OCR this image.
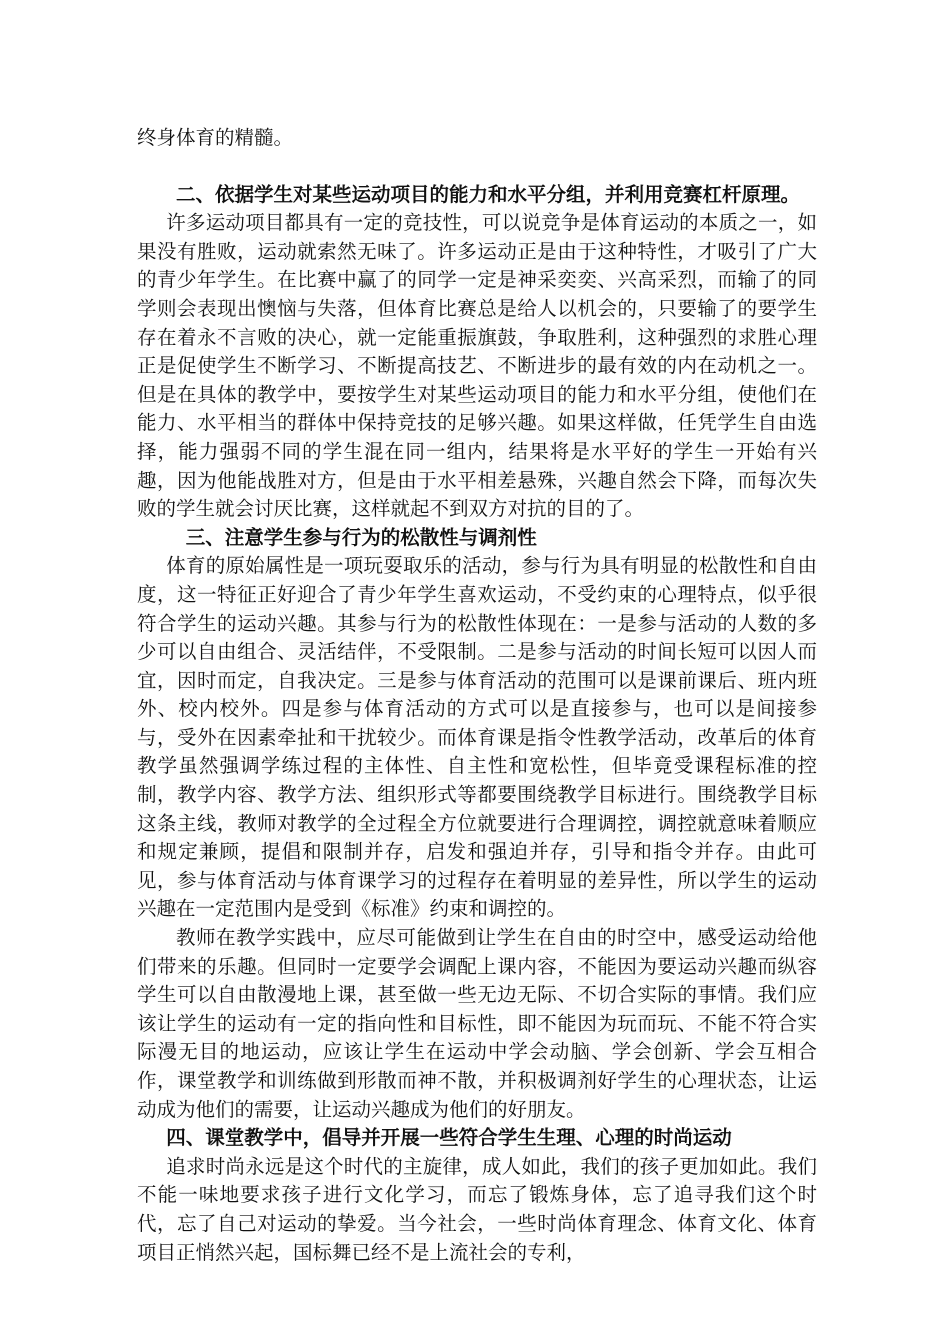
终身体育的精髓。

二、依据学生对某些运动项目的能力和水平分组，并利用竞赛杠杆原理。

许多运动项目都具有一定的竞技性，可以说竞争是体育运动的本质之一，如果没有胜败，运动就索然无味了。许多运动正是由于这种特性，才吸引了广大的青少年学生。在比赛中赢了的同学一定是神采奕奕、兴高采烈，而输了的同学则会表现出懊恼与失落，但体育比赛总是给人以机会的，只要输了的要学生存在着永不言败的决心，就一定能重振旗鼓，争取胜利，这种强烈的求胜心理正是促使学生不断学习、不断提高技艺、不断进步的最有效的内在动机之一。但是在具体的教学中，要按学生对某些运动项目的能力和水平分组，使他们在能力、水平相当的群体中保持竞技的足够兴趣。如果这样做，任凭学生自由选择，能力强弱不同的学生混在同一组内，结果将是水平好的学生一开始有兴趣，因为他能战胜对方，但是由于水平相差悬殊，兴趣自然会下降，而每次失败的学生就会讨厌比赛，这样就起不到双方对抗的目的了。

三、注意学生参与行为的松散性与调剂性

体育的原始属性是一项玩耍取乐的活动，参与行为具有明显的松散性和自由度，这一特征正好迎合了青少年学生喜欢运动，不受约束的心理特点，似乎很符合学生的运动兴趣。其参与行为的松散性体现在：一是参与活动的人数的多少可以自由组合、灵活结伴，不受限制。二是参与活动的时间长短可以因人而宜，因时而定，自我决定。三是参与体育活动的范围可以是课前课后、班内班外、校内校外。四是参与体育活动的方式可以是直接参与，也可以是间接参与，受外在因素牵扯和干扰较少。而体育课是指令性教学活动，改革后的体育教学虽然强调学练过程的主体性、自主性和宽松性，但毕竟受课程标准的控制，教学内容、教学方法、组织形式等都要围绕教学目标进行。围绕教学目标这条主线，教师对教学的全过程全方位就要进行合理调控，调控就意味着顺应和规定兼顾，提倡和限制并存，启发和强迫并存，引导和指令并存。由此可见，参与体育活动与体育课学习的过程存在着明显的差异性，所以学生的运动兴趣在一定范围内是受到《标准》约束和调控的。

教师在教学实践中，应尽可能做到让学生在自由的时空中，感受运动给他们带来的乐趣。但同时一定要学会调配上课内容，不能因为要运动兴趣而纵容学生可以自由散漫地上课，甚至做一些无边无际、不切合实际的事情。我们应该让学生的运动有一定的指向性和目标性，即不能因为玩而玩、不能不符合实际漫无目的地运动，应该让学生在运动中学会动脑、学会创新、学会互相合作，课堂教学和训练做到形散而神不散，并积极调剂好学生的心理状态，让运动成为他们的需要，让运动兴趣成为他们的好朋友。

四、课堂教学中，倡导并开展一些符合学生生理、心理的时尚运动

追求时尚永远是这个时代的主旋律，成人如此，我们的孩子更加如此。我们不能一味地要求孩子进行文化学习，而忘了锻炼身体，忘了追寻我们这个时代，忘了自己对运动的挚爱。当今社会，一些时尚体育理念、体育文化、体育项目正悄然兴起，国标舞已经不是上流社会的专利，
